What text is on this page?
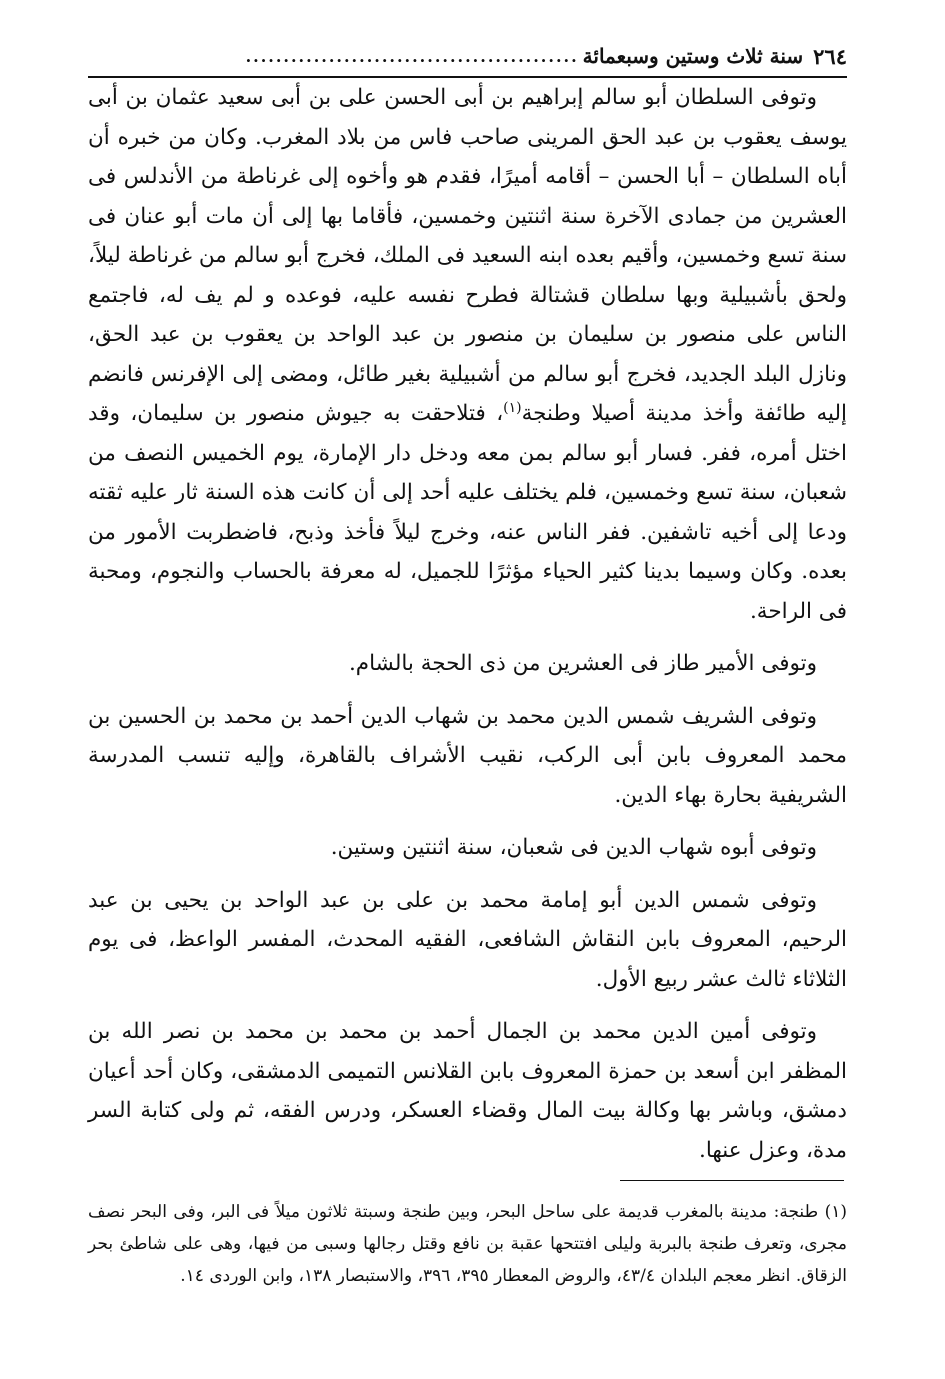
٢٦٤
سنة ثلاث وستين وسبعمائة
............................................

وتوفى السلطان أبو سالم إبراهيم بن أبى الحسن على بن أبى سعيد عثمان بن أبى يوسف يعقوب بن عبد الحق المرينى صاحب فاس من بلاد المغرب. وكان من خبره أن أباه السلطان – أبا الحسن – أقامه أميرًا، فقدم هو وأخوه إلى غرناطة من الأندلس فى العشرين من جمادى الآخرة سنة اثنتين وخمسين، فأقاما بها إلى أن مات أبو عنان فى سنة تسع وخمسين، وأقيم بعده ابنه السعيد فى الملك، فخرج أبو سالم من غرناطة ليلاً، ولحق بأشبيلية وبها سلطان قشتالة فطرح نفسه عليه، فوعده و لم يف له، فاجتمع الناس على منصور بن سليمان بن منصور بن عبد الواحد بن يعقوب بن عبد الحق، ونازل البلد الجديد، فخرج أبو سالم من أشبيلية بغير طائل، ومضى إلى الإفرنس فانضم إليه طائفة وأخذ مدينة أصيلا وطنجة$^{(١)}$، فتلاحقت به جيوش منصور بن سليمان، وقد اختل أمره، ففر. فسار أبو سالم بمن معه ودخل دار الإمارة، يوم الخميس النصف من شعبان، سنة تسع وخمسين، فلم يختلف عليه أحد إلى أن كانت هذه السنة ثار عليه ثقته ودعا إلى أخيه تاشفين. ففر الناس عنه، وخرج ليلاً فأخذ وذبح، فاضطربت الأمور من بعده. وكان وسيما بدينا كثير الحياء مؤثرًا للجميل، له معرفة بالحساب والنجوم، ومحبة فى الراحة.

وتوفى الأمير طاز فى العشرين من ذى الحجة بالشام.

وتوفى الشريف شمس الدين محمد بن شهاب الدين أحمد بن محمد بن الحسين بن محمد المعروف بابن أبى الركب، نقيب الأشراف بالقاهرة، وإليه تنسب المدرسة الشريفية بحارة بهاء الدين.

وتوفى أبوه شهاب الدين فى شعبان، سنة اثنتين وستين.

وتوفى شمس الدين أبو إمامة محمد بن على بن عبد الواحد بن يحيى بن عبد الرحيم، المعروف بابن النقاش الشافعى، الفقيه المحدث، المفسر الواعظ، فى يوم الثلاثاء ثالث عشر ربيع الأول.

وتوفى أمين الدين محمد بن الجمال أحمد بن محمد بن محمد بن نصر الله بن المظفر ابن أسعد بن حمزة المعروف بابن القلانس التميمى الدمشقى، وكان أحد أعيان دمشق، وباشر بها وكالة بيت المال وقضاء العسكر، ودرس الفقه، ثم ولى كتابة السر مدة، وعزل عنها.

(١) طنجة: مدينة بالمغرب قديمة على ساحل البحر، وبين طنجة وسبتة ثلاثون ميلاً فى البر، وفى البحر نصف مجرى، وتعرف طنجة بالبربة وليلى افتتحها عقبة بن نافع وقتل رجالها وسبى من فيها، وهى على شاطئ بحر الزقاق. انظر معجم البلدان ٤٣/٤، والروض المعطار ٣٩٥، ٣٩٦، والاستبصار ١٣٨، وابن الوردى ١٤.
